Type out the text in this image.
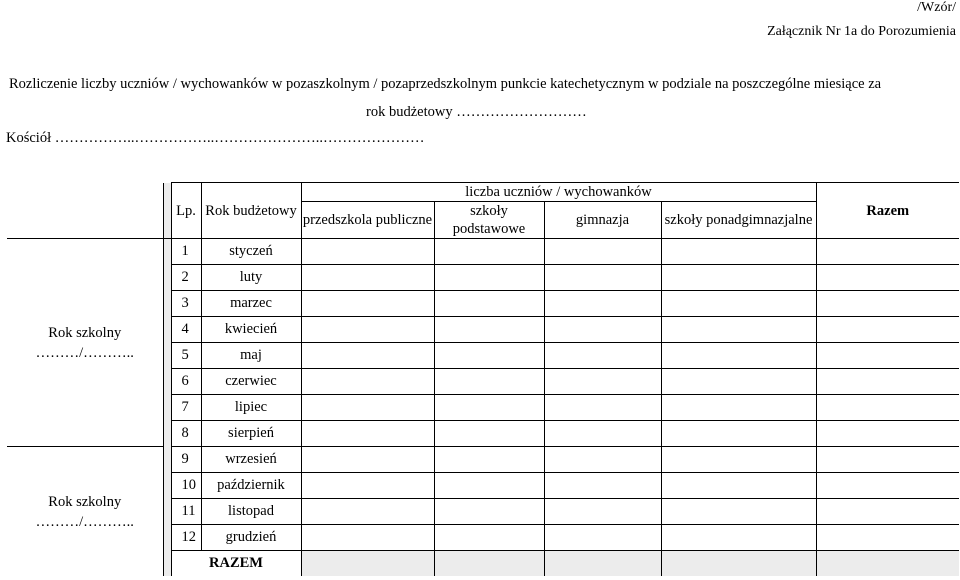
/Wzór/
Załącznik Nr 1a do Porozumienia
Rozliczenie liczby uczniów / wychowanków w pozaszkolnym / pozaprzedszkolnym punkcie katechetycznym w podziale na poszczególne miesiące za
rok budżetowy ………………………
Kościół ……………..……………..…………………..…………………
		Lp.	Rok budżetowy	liczba uczniów / wychowanków				Razem
				przedszkola publiczne	szkoły podstawowe	gimnazja	szkoły ponadgimnazjalne	

Rok szkolny
………/………..		1	styczeń					
		2	luty					
		3	marzec					
		4	kwiecień					
		5	maj					
		6	czerwiec					
		7	lipiec					
		8	sierpień					

Rok szkolny
………/………..		9	wrzesień					
		10	październik					
		11	listopad					
		12	grudzień					
		RAZEM						
